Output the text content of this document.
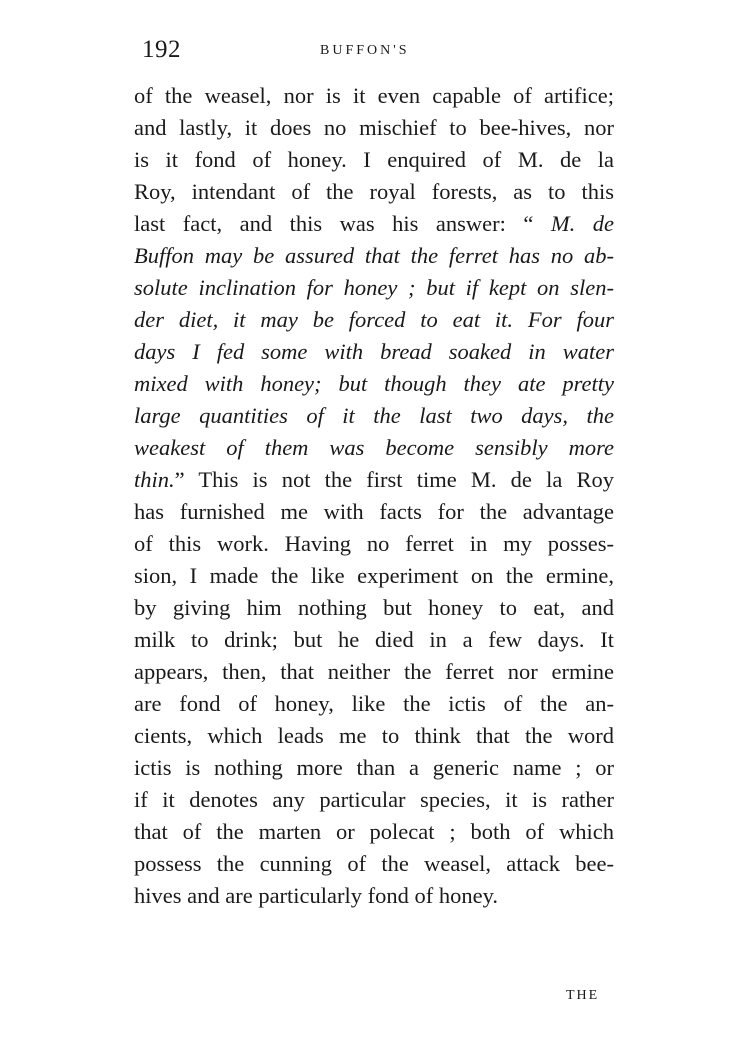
192	BUFFON'S
of the weasel, nor is it even capable of artifice;
and lastly, it does no mischief to bee-hives, nor
is it fond of honey. I enquired of M. de la
Roy, intendant of the royal forests, as to this
last fact, and this was his answer: “ M. de
Buffon may be assured that the ferret has no ab-
solute inclination for honey ; but if kept on slen-
der diet, it may be forced to eat it. For four
days I fed some with bread soaked in water
mixed with honey; but though they ate pretty
large quantities of it the last two days, the
weakest of them was become sensibly more
thin.” This is not the first time M. de la Roy
has furnished me with facts for the advantage
of this work. Having no ferret in my posses-
sion, I made the like experiment on the ermine,
by giving him nothing but honey to eat, and
milk to drink; but he died in a few days. It
appears, then, that neither the ferret nor ermine
are fond of honey, like the ictis of the an-
cients, which leads me to think that the word
ictis is nothing more than a generic name ; or
if it denotes any particular species, it is rather
that of the marten or polecat ; both of which
possess the cunning of the weasel, attack bee-
hives and are particularly fond of honey.
THE
